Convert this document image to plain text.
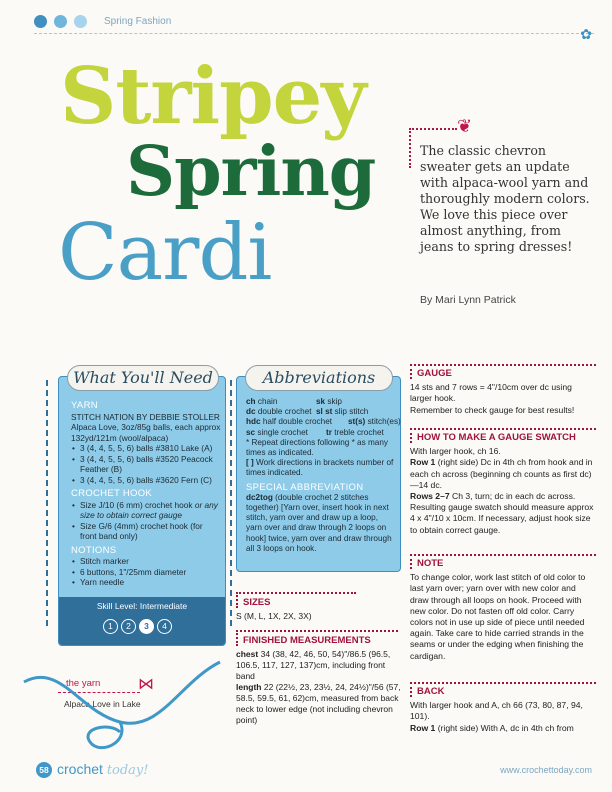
Spring Fashion
✿
Stripey
Spring
Cardi
❦

The classic chevron sweater gets an update with alpaca-wool yarn and thoroughly modern colors. We love this piece over almost anything, from jeans to spring dresses!

By Mari Lynn Patrick

What You'll Need
YARN
STITCH NATION BY DEBBIE STOLLER
Alpaca Love, 3oz/85g balls, each approx 132yd/121m (wool/alpaca)
• 3 (4, 4, 5, 5, 6) balls #3810 Lake (A)
• 3 (4, 4, 5, 5, 6) balls #3520 Peacock Feather (B)
• 3 (4, 4, 5, 5, 6) balls #3620 Fern (C)
CROCHET HOOK
• Size J/10 (6 mm) crochet hook or any size to obtain correct gauge
• Size G/6 (4mm) crochet hook (for front band only)
NOTIONS
• Stitch marker
• 6 buttons, 1"/25mm diameter
• Yarn needle
Skill Level: Intermediate
1 2 3 4
the yarn ⋈
Alpaca Love in Lake
Abbreviations
ch chain	sk skip
dc double crochet sl st slip stitch
hdc half double crochet st(s) stitch(es)
sc single crochet tr treble crochet
* Repeat directions following * as many times as indicated.
[ ] Work directions in brackets number of times indicated.
SPECIAL ABBREVIATION
dc2tog (double crochet 2 stitches together) [Yarn over, insert hook in next stitch, yarn over and draw up a loop, yarn over and draw through 2 loops on hook] twice, yarn over and draw through all 3 loops on hook.
SIZES
S (M, L, 1X, 2X, 3X)
FINISHED MEASUREMENTS
chest 34 (38, 42, 46, 50, 54)"/86.5 (96.5, 106.5, 117, 127, 137)cm, including front band
length 22 (22½, 23, 23½, 24, 24½)"/56 (57, 58.5, 59.5, 61, 62)cm, measured from back neck to lower edge (not including chevron point)
GAUGE

14 sts and 7 rows = 4"/10cm over dc using larger hook.

Remember to check gauge for best results!

HOW TO MAKE A GAUGE SWATCH

With larger hook, ch 16.

Row 1 (right side) Dc in 4th ch from hook and in each ch across (beginning ch counts as first dc)—14 dc.

Rows 2–7 Ch 3, turn; dc in each dc across. Resulting gauge swatch should measure approx 4 x 4"/10 x 10cm. If necessary, adjust hook size to obtain correct gauge.

NOTE

To change color, work last stitch of old color to last yarn over; yarn over with new color and draw through all loops on hook. Proceed with new color. Do not fasten off old color. Carry colors not in use up side of piece until needed again. Take care to hide carried strands in the seams or under the edging when finishing the cardigan.

BACK

With larger hook and A, ch 66 (73, 80, 87, 94, 101).

Row 1 (right side) With A, dc in 4th ch from

58 crochet today!	www.crochettoday.com
